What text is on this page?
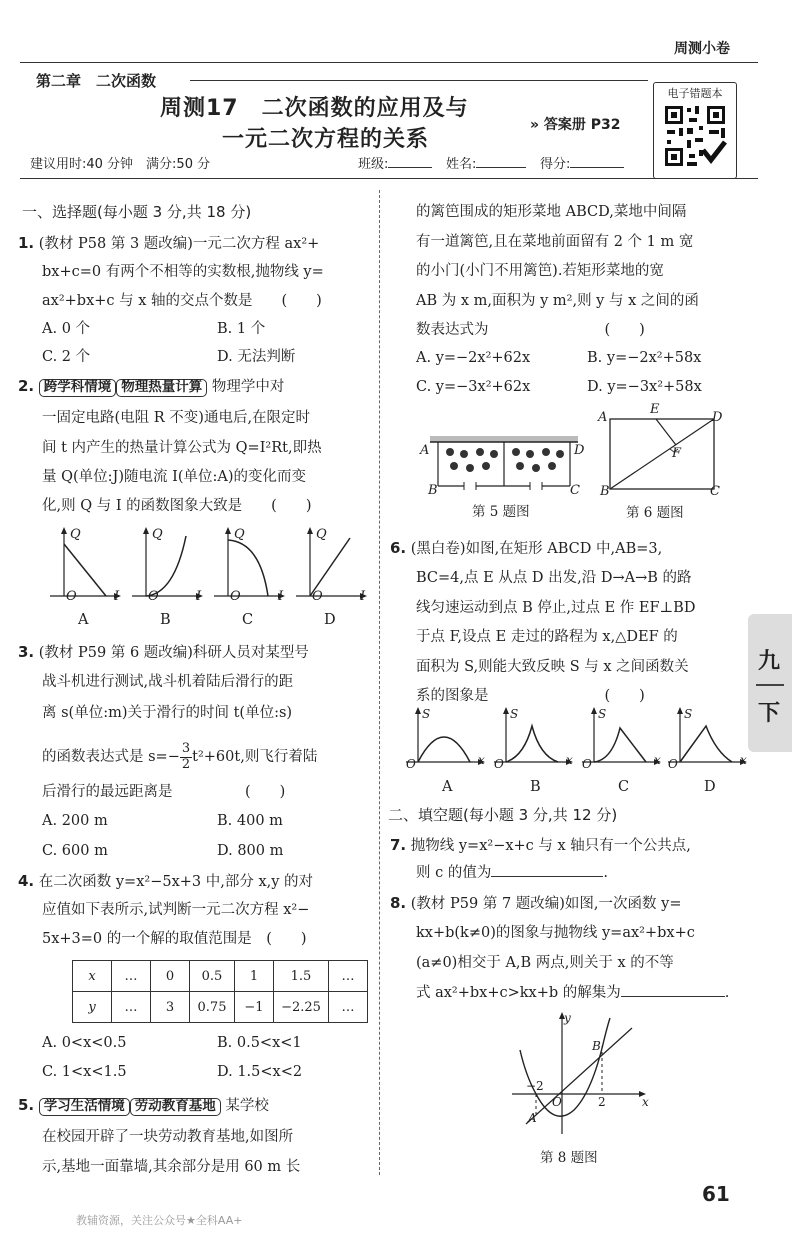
周测小卷
第二章　二次函数
周测17　二次函数的应用及与
一元二次方程的关系
» 答案册 P32
电子错题本
建议用时:40 分钟　满分:50 分	班级:	姓名:	得分:
一、选择题(每小题 3 分,共 18 分)
1. (教材 P58 第 3 题改编)一元二次方程 ax²+
bx+c=0 有两个不相等的实数根,抛物线 y=
ax²+bx+c 与 x 轴的交点个数是　　(　　)
A. 0 个	B. 1 个
C. 2 个	D. 无法判断
2. 跨学科情境 物理热量计算 物理学中对
一固定电路(电阻 R 不变)通电后,在限定时
间 t 内产生的热量计算公式为 Q=I²Rt,即热
量 Q(单位:J)随电流 I(单位:A)的变化而变
化,则 Q 与 I 的函数图象大致是　　(　　)
Q
O	I
A
Q
O	I
B
Q
O	I
C
Q
O	I
D
3. (教材 P59 第 6 题改编)科研人员对某型号
战斗机进行测试,战斗机着陆后滑行的距
离 s(单位:m)关于滑行的时间 t(单位:s)
的函数表达式是 $s=- \frac{3}{2} t^2+60t$,则飞行着陆
后滑行的最远距离是　　　　　(　　)
A. 200 m	B. 400 m
C. 600 m	D. 800 m
4. 在二次函数 y=x²−5x+3 中,部分 x,y 的对
应值如下表所示,试判断一元二次方程 x²−
5x+3=0 的一个解的取值范围是　(　　)
x	…	0	0.5	1	1.5	…
y	…	3	0.75	−1	−2.25	…
A. 0<x<0.5	B. 0.5<x<1
C. 1<x<1.5	D. 1.5<x<2
5. 学习生活情境 劳动教育基地 某学校
在校园开辟了一块劳动教育基地,如图所
示,基地一面靠墙,其余部分是用 60 m 长
的篱笆围成的矩形菜地 ABCD,菜地中间隔
有一道篱笆,且在菜地前面留有 2 个 1 m 宽
的小门(小门不用篱笆).若矩形菜地的宽
AB 为 x m,面积为 y m²,则 y 与 x 之间的函
数表达式为　　　　　　　　(　　)
A. y=−2x²+62x	B. y=−2x²+58x
C. y=−3x²+62x	D. y=−3x²+58x
A	D
B	C
第 5 题图
A
E
D
F
B	C
第 6 题图
6. (黑白卷)如图,在矩形 ABCD 中,AB=3,
BC=4,点 E 从点 D 出发,沿 D→A→B 的路
线匀速运动到点 B 停止,过点 E 作 EF⊥BD
于点 F,设点 E 走过的路程为 x,△DEF 的
面积为 S,则能大致反映 S 与 x 之间函数关
系的图象是　　　　　　　　(　　)
S
O	x
A
S
O	x
B
S
O	x
C
S
O	x
D
二、填空题(每小题 3 分,共 12 分)
7. 抛物线 y=x²−x+c 与 x 轴只有一个公共点,
则 c 的值为	.
8. (教材 P59 第 7 题改编)如图,一次函数 y=
kx+b(k≠0)的图象与抛物线 y=ax²+bx+c
(a≠0)相交于 A,B 两点,则关于 x 的不等
式 ax²+bx+c>kx+b 的解集为	.
y
x
O
−2
2
A
B
第 8 题图
九
下
61
教辅资源，关注公众号★全科AA+
